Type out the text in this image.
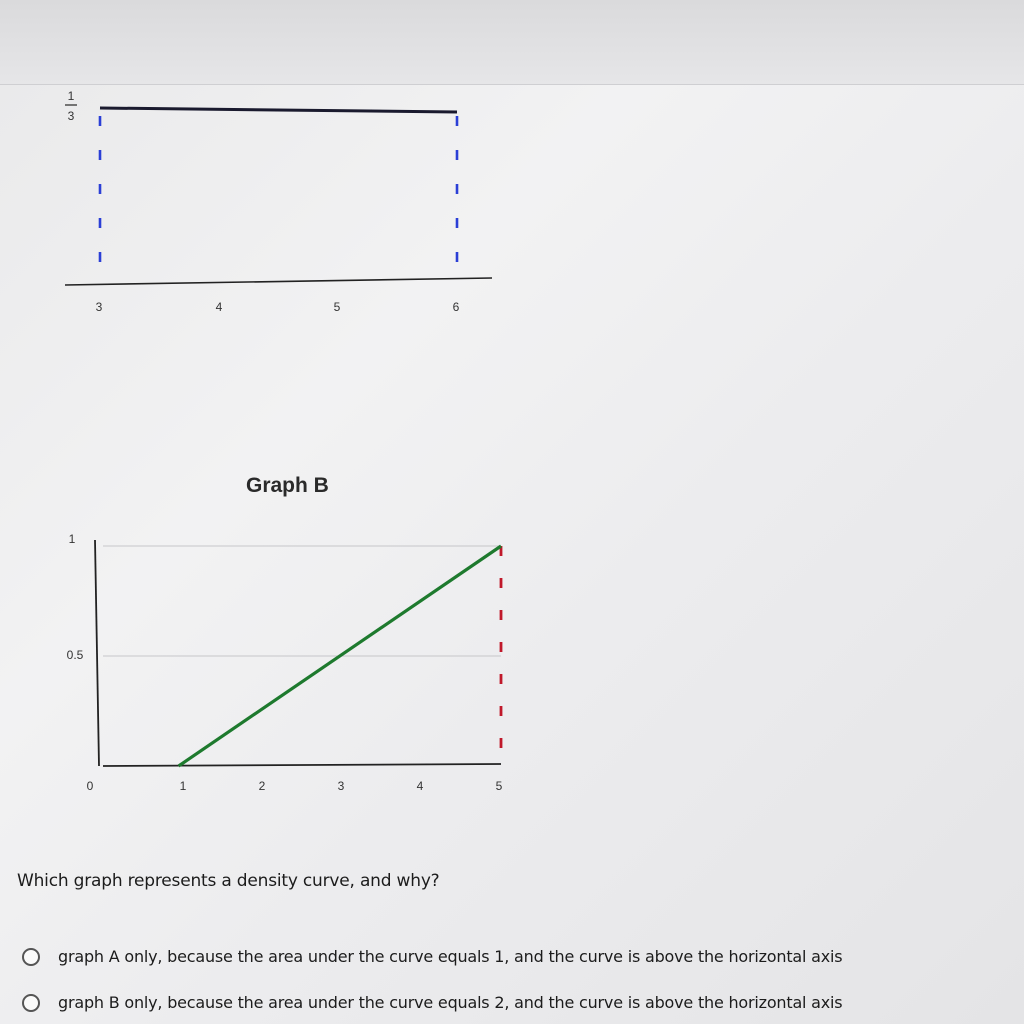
1
3
3	4	5	6
Graph B
1
0.5
0	1	2	3	4	5
Which graph represents a density curve, and why?
graph A only, because the area under the curve equals 1, and the curve is above the horizontal axis
graph B only, because the area under the curve equals 2, and the curve is above the horizontal axis
